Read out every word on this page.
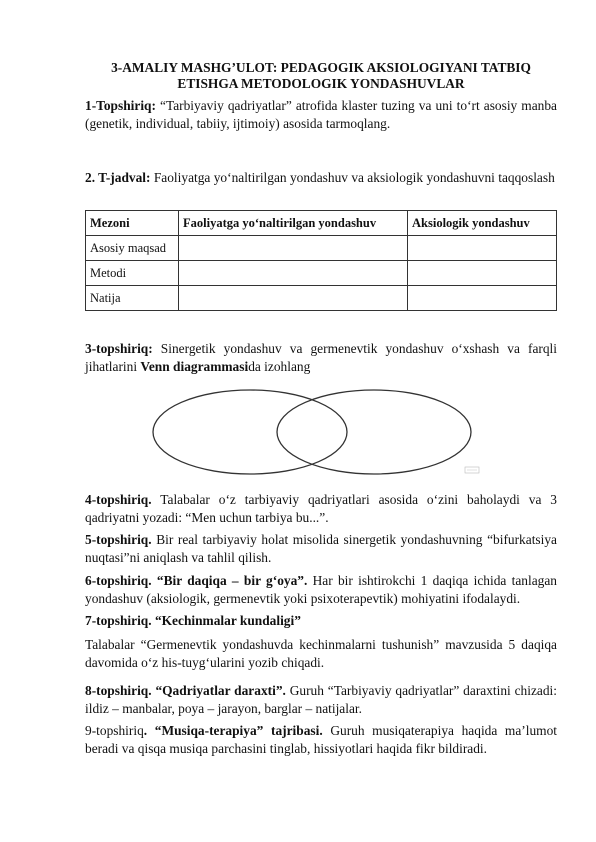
3-AMALIY MASHG’ULOT: PEDAGOGIK AKSIOLOGIYANI TATBIQ
ETISHGA METODOLOGIK YONDASHUVLAR
1-Topshiriq: “Tarbiyaviy qadriyatlar” atrofida klaster tuzing va uni to‘rt asosiy manba (genetik, individual, tabiiy, ijtimoiy) asosida tarmoqlang.
2. T-jadval: Faoliyatga yo‘naltirilgan yondashuv va aksiologik yondashuvni taqqoslash
Mezoni	Faoliyatga yo‘naltirilgan yondashuv	Aksiologik yondashuv
Asosiy maqsad		
Metodi		
Natija		
3-topshiriq: Sinergetik yondashuv va germenevtik yondashuv o‘xshash va farqli jihatlarini Venn diagrammasida izohlang
4-topshiriq. Talabalar o‘z tarbiyaviy qadriyatlari asosida o‘zini baholaydi va 3 qadriyatni yozadi: “Men uchun tarbiya bu...”.
5-topshiriq. Bir real tarbiyaviy holat misolida sinergetik yondashuvning “bifurkatsiya nuqtasi”ni aniqlash va tahlil qilish.
6-topshiriq. “Bir daqiqa – bir g‘oya”. Har bir ishtirokchi 1 daqiqa ichida tanlagan yondashuv (aksiologik, germenevtik yoki psixoterapevtik) mohiyatini ifodalaydi.
7-topshiriq. “Kechinmalar kundaligi”
Talabalar “Germenevtik yondashuvda kechinmalarni tushunish” mavzusida 5 daqiqa davomida o‘z his-tuyg‘ularini yozib chiqadi.
8-topshiriq. “Qadriyatlar daraxti”. Guruh “Tarbiyaviy qadriyatlar” daraxtini chizadi: ildiz – manbalar, poya – jarayon, barglar – natijalar.
9-topshiriq. “Musiqa-terapiya” tajribasi. Guruh musiqaterapiya haqida ma’lumot beradi va qisqa musiqa parchasini tinglab, hissiyotlari haqida fikr bildiradi.
